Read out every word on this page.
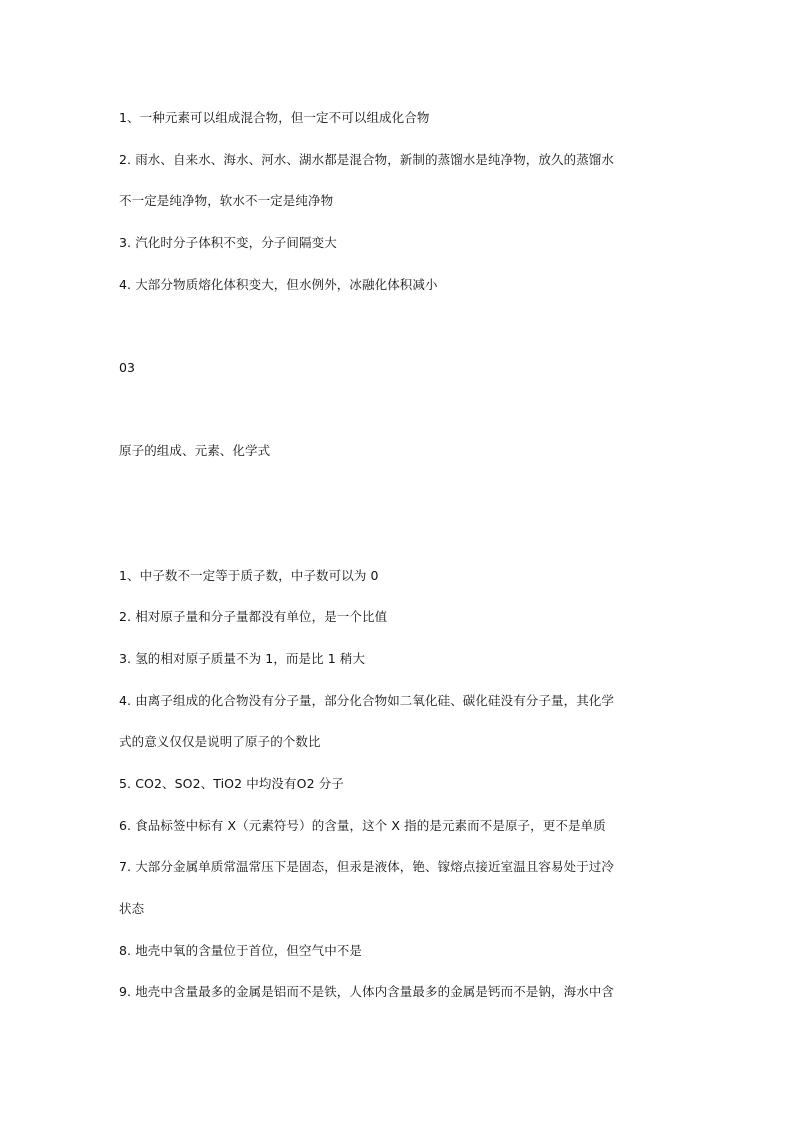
1、一种元素可以组成混合物，但一定不可以组成化合物
2. 雨水、自来水、海水、河水、湖水都是混合物，新制的蒸馏水是纯净物，放久的蒸馏水
不一定是纯净物，软水不一定是纯净物
3. 汽化时分子体积不变，分子间隔变大
4. 大部分物质熔化体积变大，但水例外，冰融化体积减小
03
原子的组成、元素、化学式
1、中子数不一定等于质子数，中子数可以为 0
2. 相对原子量和分子量都没有单位，是一个比值
3. 氢的相对原子质量不为 1，而是比 1 稍大
4. 由离子组成的化合物没有分子量，部分化合物如二氧化硅、碳化硅没有分子量，其化学
式的意义仅仅是说明了原子的个数比
5. CO2、SO2、TiO2 中均没有O2 分子
6. 食品标签中标有 X（元素符号）的含量，这个 X 指的是元素而不是原子，更不是单质
7. 大部分金属单质常温常压下是固态，但汞是液体，铯、镓熔点接近室温且容易处于过冷
状态
8. 地壳中氧的含量位于首位，但空气中不是
9. 地壳中含量最多的金属是铝而不是铁，人体内含量最多的金属是钙而不是钠，海水中含
